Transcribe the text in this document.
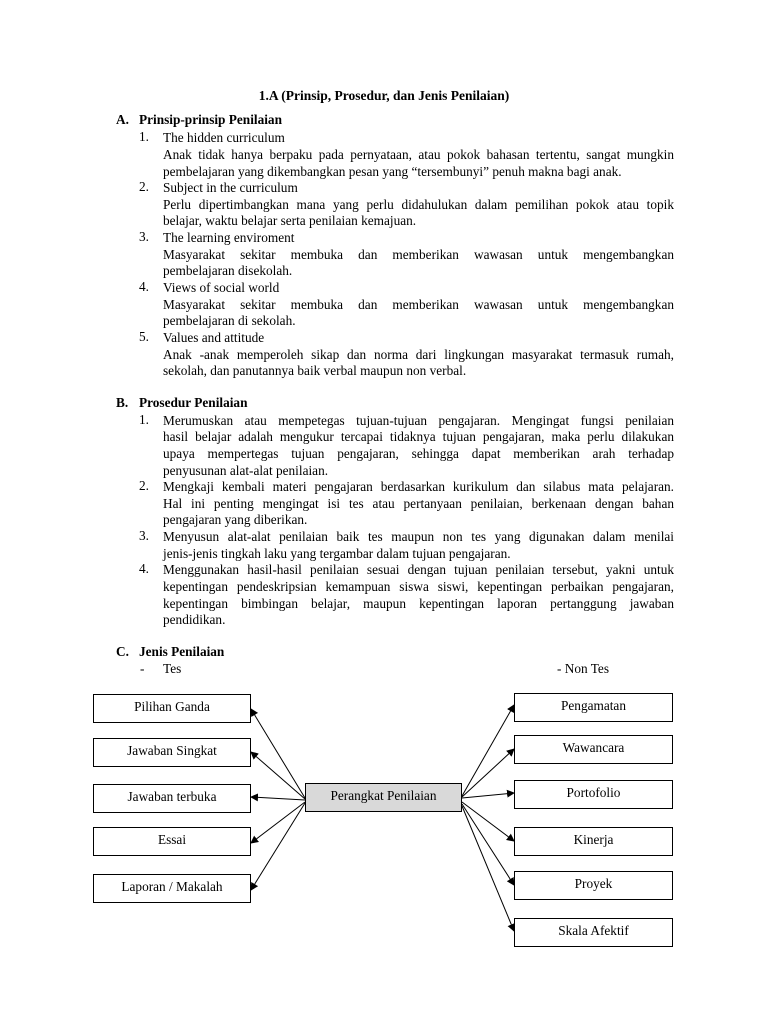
1.A (Prinsip, Prosedur, dan Jenis Penilaian)
A. Prinsip-prinsip Penilaian
1. The hidden curriculum
Anak tidak hanya berpaku pada pernyataan, atau pokok bahasan tertentu, sangat mungkin
pembelajaran yang dikembangkan pesan yang “tersembunyi” penuh makna bagi anak.
2. Subject in the curriculum
Perlu dipertimbangkan mana yang perlu didahulukan dalam pemilihan pokok atau topik
belajar, waktu belajar serta penilaian kemajuan.
3. The learning enviroment
Masyarakat sekitar membuka dan memberikan wawasan untuk mengembangkan
pembelajaran disekolah.
4. Views of social world
Masyarakat sekitar membuka dan memberikan wawasan untuk mengembangkan
pembelajaran di sekolah.
5. Values and attitude
Anak -anak memperoleh sikap dan norma dari lingkungan masyarakat termasuk rumah,
sekolah, dan panutannya baik verbal maupun non verbal.
B. Prosedur Penilaian
1. Merumuskan atau mempetegas tujuan-tujuan pengajaran. Mengingat fungsi penilaian
hasil belajar adalah mengukur tercapai tidaknya tujuan pengajaran, maka perlu dilakukan
upaya mempertegas tujuan pengajaran, sehingga dapat memberikan arah terhadap
penyusunan alat-alat penilaian.
2. Mengkaji kembali materi pengajaran berdasarkan kurikulum dan silabus mata pelajaran.
Hal ini penting mengingat isi tes atau pertanyaan penilaian, berkenaan dengan bahan
pengajaran yang diberikan.
3. Menyusun alat-alat penilaian baik tes maupun non tes yang digunakan dalam menilai
jenis-jenis tingkah laku yang tergambar dalam tujuan pengajaran.
4. Menggunakan hasil-hasil penilaian sesuai dengan tujuan penilaian tersebut, yakni untuk
kepentingan pendeskripsian kemampuan siswa siswi, kepentingan perbaikan pengajaran,
kepentingan bimbingan belajar, maupun kepentingan laporan pertanggung jawaban
pendidikan.
C. Jenis Penilaian
- Tes	- Non Tes
Perangkat Penilaian
Pilihan Ganda
Jawaban Singkat
Jawaban terbuka
Essai
Laporan / Makalah
Pengamatan
Wawancara
Portofolio
Kinerja
Proyek
Skala Afektif
